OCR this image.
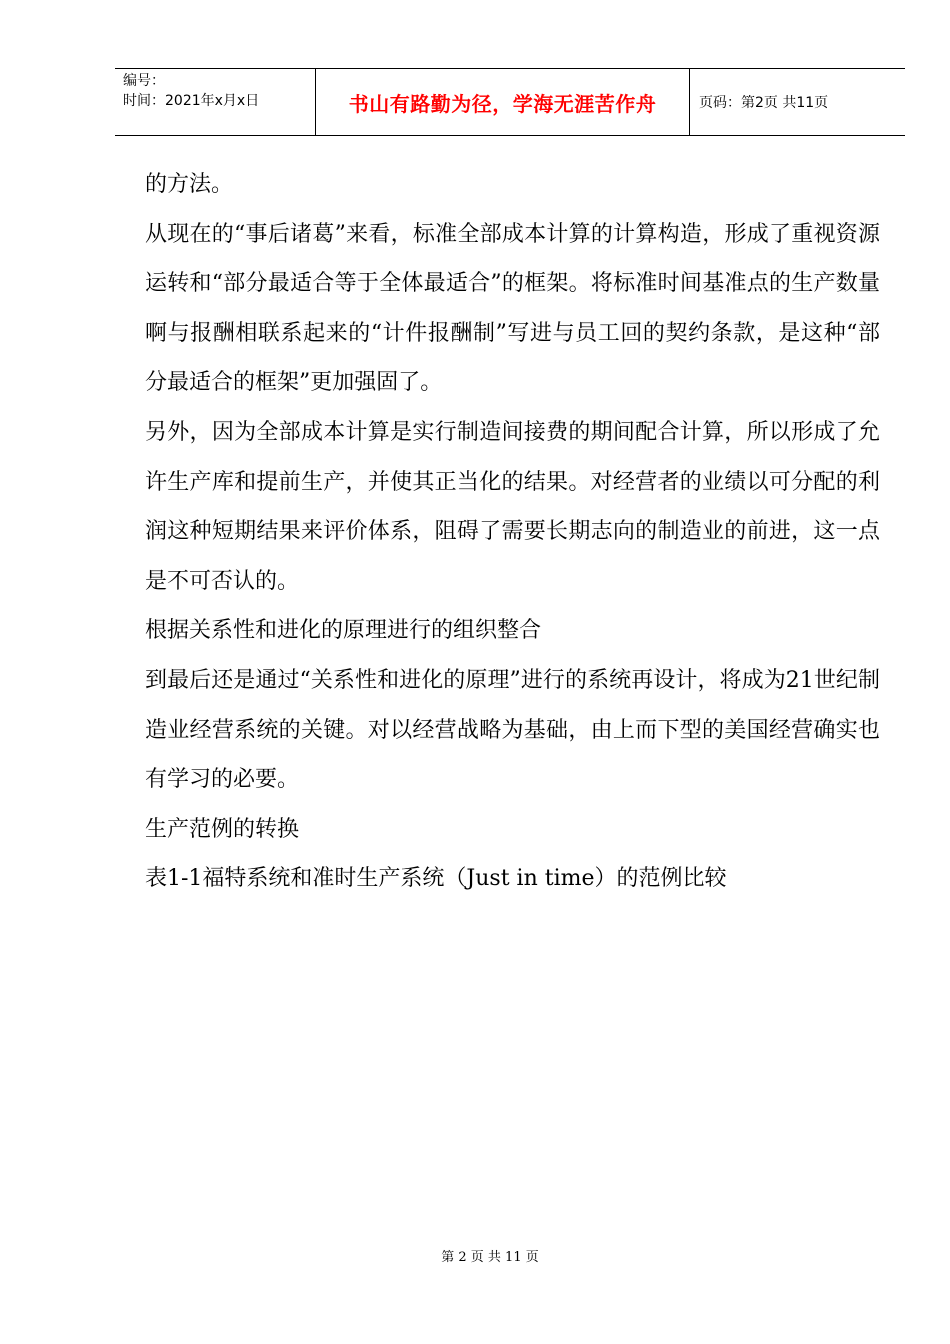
编号：
时间：2021年x月x日	书山有路勤为径，学海无涯苦作舟	页码：第2页 共11页

的方法。

从现在的“事后诸葛”来看，标准全部成本计算的计算构造，形成了重视资源运转和“部分最适合等于全体最适合”的框架。将标准时间基准点的生产数量啊与报酬相联系起来的“计件报酬制”写进与员工回的契约条款，是这种“部分最适合的框架”更加强固了。

另外，因为全部成本计算是实行制造间接费的期间配合计算，所以形成了允许生产库和提前生产，并使其正当化的结果。对经营者的业绩以可分配的利润这种短期结果来评价体系，阻碍了需要长期志向的制造业的前进，这一点是不可否认的。

根据关系性和进化的原理进行的组织整合

到最后还是通过“关系性和进化的原理”进行的系统再设计，将成为21世纪制造业经营系统的关键。对以经营战略为基础，由上而下型的美国经营确实也有学习的必要。

生产范例的转换

表1-1福特系统和准时生产系统（Just in time）的范例比较

第 2 页 共 11 页
